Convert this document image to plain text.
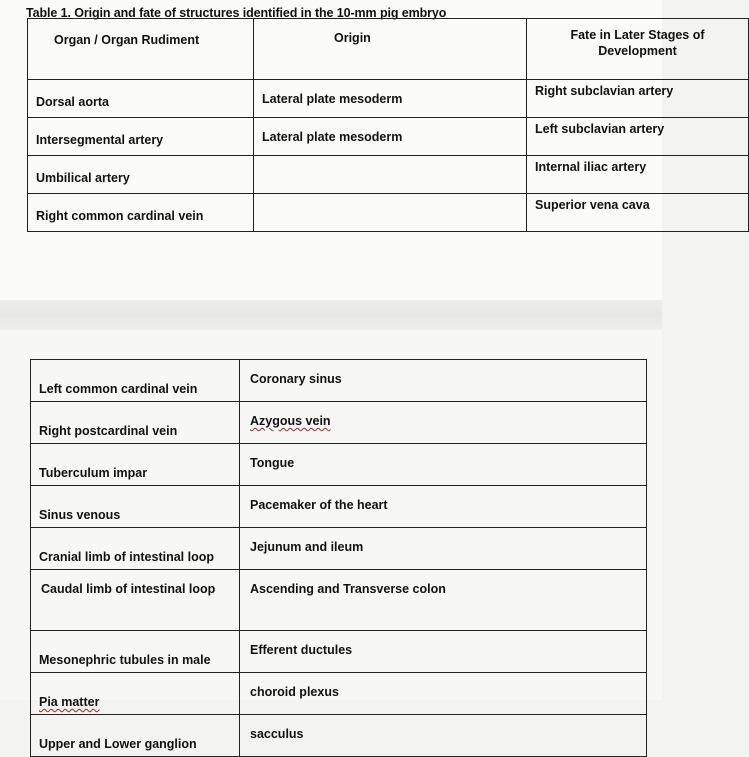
Table 1. Origin and fate of structures identified in the 10-mm pig embryo
Organ / Organ Rudiment	Origin	Fate in Later Stages of Development
Dorsal aorta	Lateral plate mesoderm	Right subclavian artery
Intersegmental artery	Lateral plate mesoderm	Left subclavian artery
Umbilical artery		Internal iliac artery
Right common cardinal vein		Superior vena cava
Left common cardinal vein	Coronary sinus
Right postcardinal vein	Azygous vein
Tuberculum impar	Tongue
Sinus venous	Pacemaker of the heart
Cranial limb of intestinal loop	Jejunum and ileum
Caudal limb of intestinal loop	Ascending and Transverse colon
Mesonephric tubules in male	Efferent ductules
Pia matter	choroid plexus
Upper and Lower ganglion	sacculus
